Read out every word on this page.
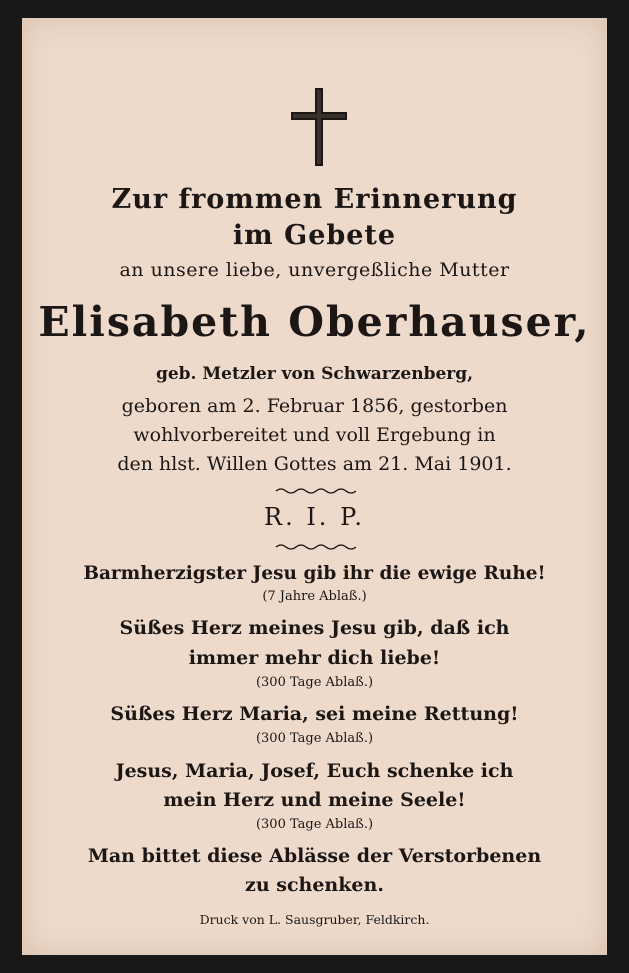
Zur frommen Erinnerung
im Gebete
an unsere liebe, unvergeßliche Mutter
Elisabeth Oberhauser,
geb. Metzler von Schwarzenberg,
geboren am 2. Februar 1856, gestorben
wohlvorbereitet und voll Ergebung in
den hlst. Willen Gottes am 21. Mai 1901.
R. I. P.
Barmherzigster Jesu gib ihr die ewige Ruhe!
(7 Jahre Ablaß.)
Süßes Herz meines Jesu gib, daß ich
immer mehr dich liebe!
(300 Tage Ablaß.)
Süßes Herz Maria, sei meine Rettung!
(300 Tage Ablaß.)
Jesus, Maria, Josef, Euch schenke ich
mein Herz und meine Seele!
(300 Tage Ablaß.)
Man bittet diese Ablässe der Verstorbenen
zu schenken.
Druck von L. Sausgruber, Feldkirch.
